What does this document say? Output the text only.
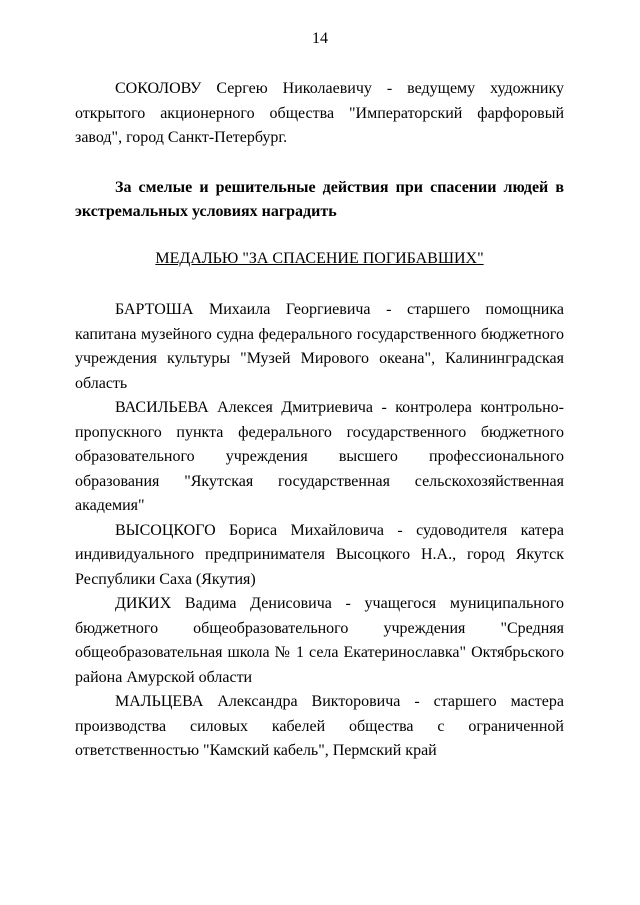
14

СОКОЛОВУ Сергею Николаевичу - ведущему художнику открытого акционерного общества "Императорский фарфоровый завод", город Санкт-Петербург.

За смелые и решительные действия при спасении людей в экстремальных условиях наградить

МЕДАЛЬЮ "ЗА СПАСЕНИЕ ПОГИБАВШИХ"

БАРТОША Михаила Георгиевича - старшего помощника капитана музейного судна федерального государственного бюджетного учреждения культуры "Музей Мирового океана", Калининградская область

ВАСИЛЬЕВА Алексея Дмитриевича - контролера контрольно-пропускного пункта федерального государственного бюджетного образовательного учреждения высшего профессионального образования "Якутская государственная сельскохозяйственная академия"

ВЫСОЦКОГО Бориса Михайловича - судоводителя катера индивидуального предпринимателя Высоцкого Н.А., город Якутск Республики Саха (Якутия)

ДИКИХ Вадима Денисовича - учащегося муниципального бюджетного общеобразовательного учреждения "Средняя общеобразовательная школа № 1 села Екатеринославка" Октябрьского района Амурской области

МАЛЬЦЕВА Александра Викторовича - старшего мастера производства силовых кабелей общества с ограниченной ответственностью "Камский кабель", Пермский край
